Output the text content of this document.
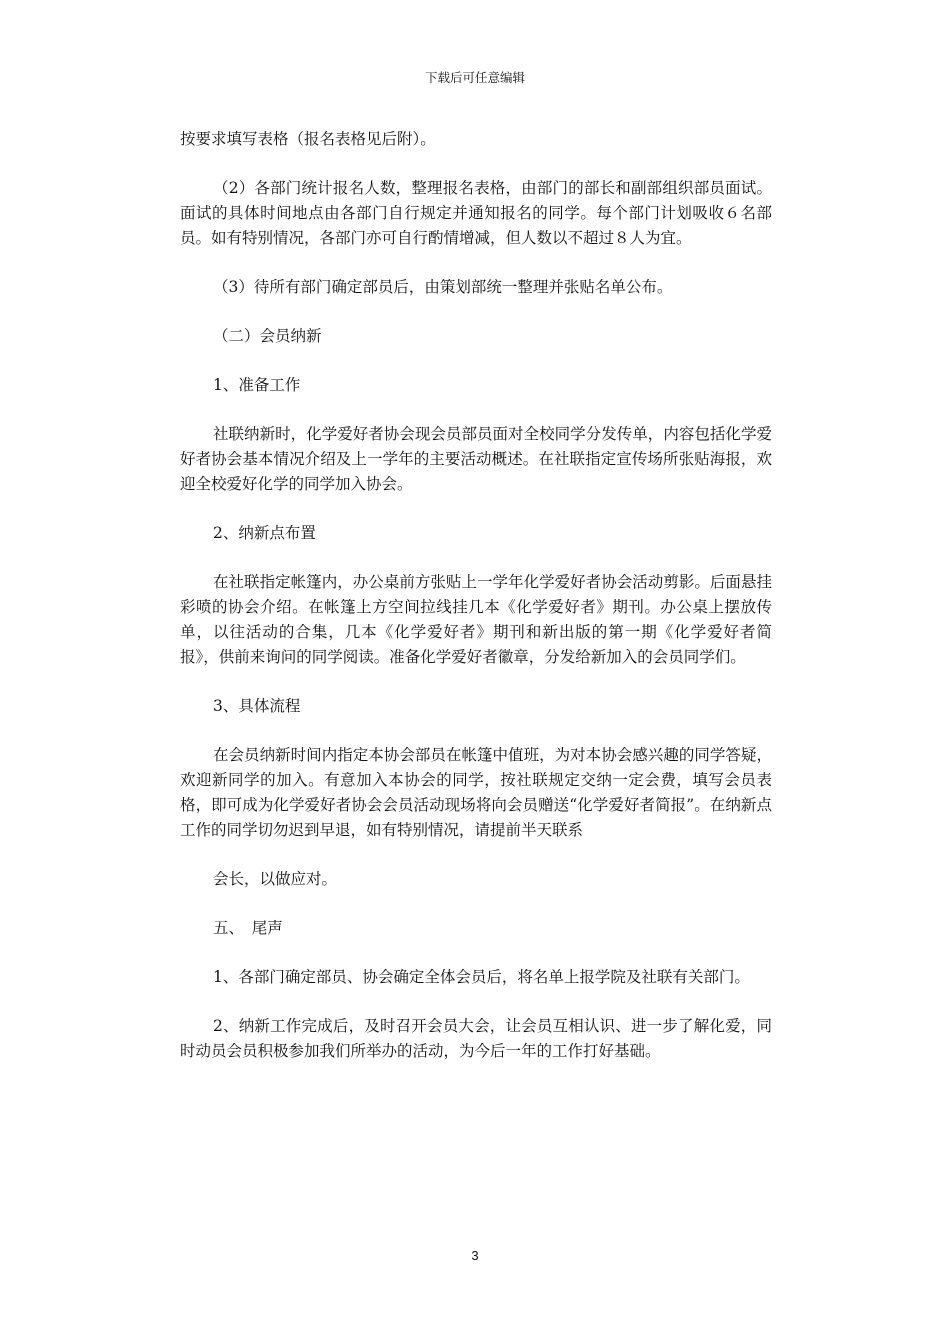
下载后可任意编辑

按要求填写表格（报名表格见后附）。

（2）各部门统计报名人数，整理报名表格，由部门的部长和副部组织部员面试。面试的具体时间地点由各部门自行规定并通知报名的同学。每个部门计划吸收６名部员。如有特别情况，各部门亦可自行酌情增减，但人数以不超过８人为宜。

（3）待所有部门确定部员后，由策划部统一整理并张贴名单公布。

（二）会员纳新

1、准备工作

社联纳新时，化学爱好者协会现会员部员面对全校同学分发传单，内容包括化学爱好者协会基本情况介绍及上一学年的主要活动概述。在社联指定宣传场所张贴海报，欢迎全校爱好化学的同学加入协会。

2、纳新点布置

在社联指定帐篷内，办公桌前方张贴上一学年化学爱好者协会活动剪影。后面悬挂彩喷的协会介绍。在帐篷上方空间拉线挂几本《化学爱好者》期刊。办公桌上摆放传单，以往活动的合集，几本《化学爱好者》期刊和新出版的第一期《化学爱好者简报》，供前来询问的同学阅读。准备化学爱好者徽章，分发给新加入的会员同学们。

3、具体流程

在会员纳新时间内指定本协会部员在帐篷中值班，为对本协会感兴趣的同学答疑，欢迎新同学的加入。有意加入本协会的同学，按社联规定交纳一定会费，填写会员表格，即可成为化学爱好者协会会员活动现场将向会员赠送“化学爱好者简报”。在纳新点工作的同学切勿迟到早退，如有特别情况，请提前半天联系

会长，以做应对。

五、　尾声

1、各部门确定部员、协会确定全体会员后，将名单上报学院及社联有关部门。

2、纳新工作完成后，及时召开会员大会，让会员互相认识、进一步了解化爱，同时动员会员积极参加我们所举办的活动，为今后一年的工作打好基础。

3
